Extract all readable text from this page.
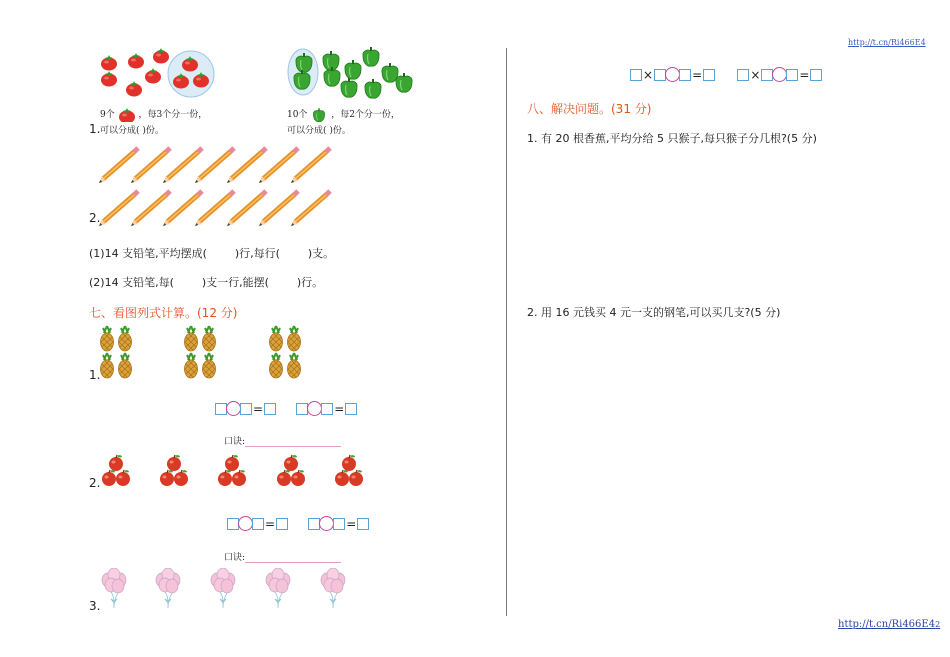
http://t.cn/Ri466E4
http://t.cn/Ri466E42
9个	，每3个分一份，
1. 可以分成( )份。
10个	，每2个分一份，
可以分成( )份。
2.
(1)14 支铅笔,平均摆成(        )行,每行(        )支。
(2)14 支铅笔,每(        )支一行,能摆(        )行。
七、看图列式计算。(12 分)
1.
=	=
口诀:
2.
=	=
口诀:
3.
×	=	×	=
八、解决问题。(31 分)
1. 有 20 根香蕉,平均分给 5 只猴子,每只猴子分几根?(5 分)
2. 用 16 元钱买 4 元一支的钢笔,可以买几支?(5 分)
